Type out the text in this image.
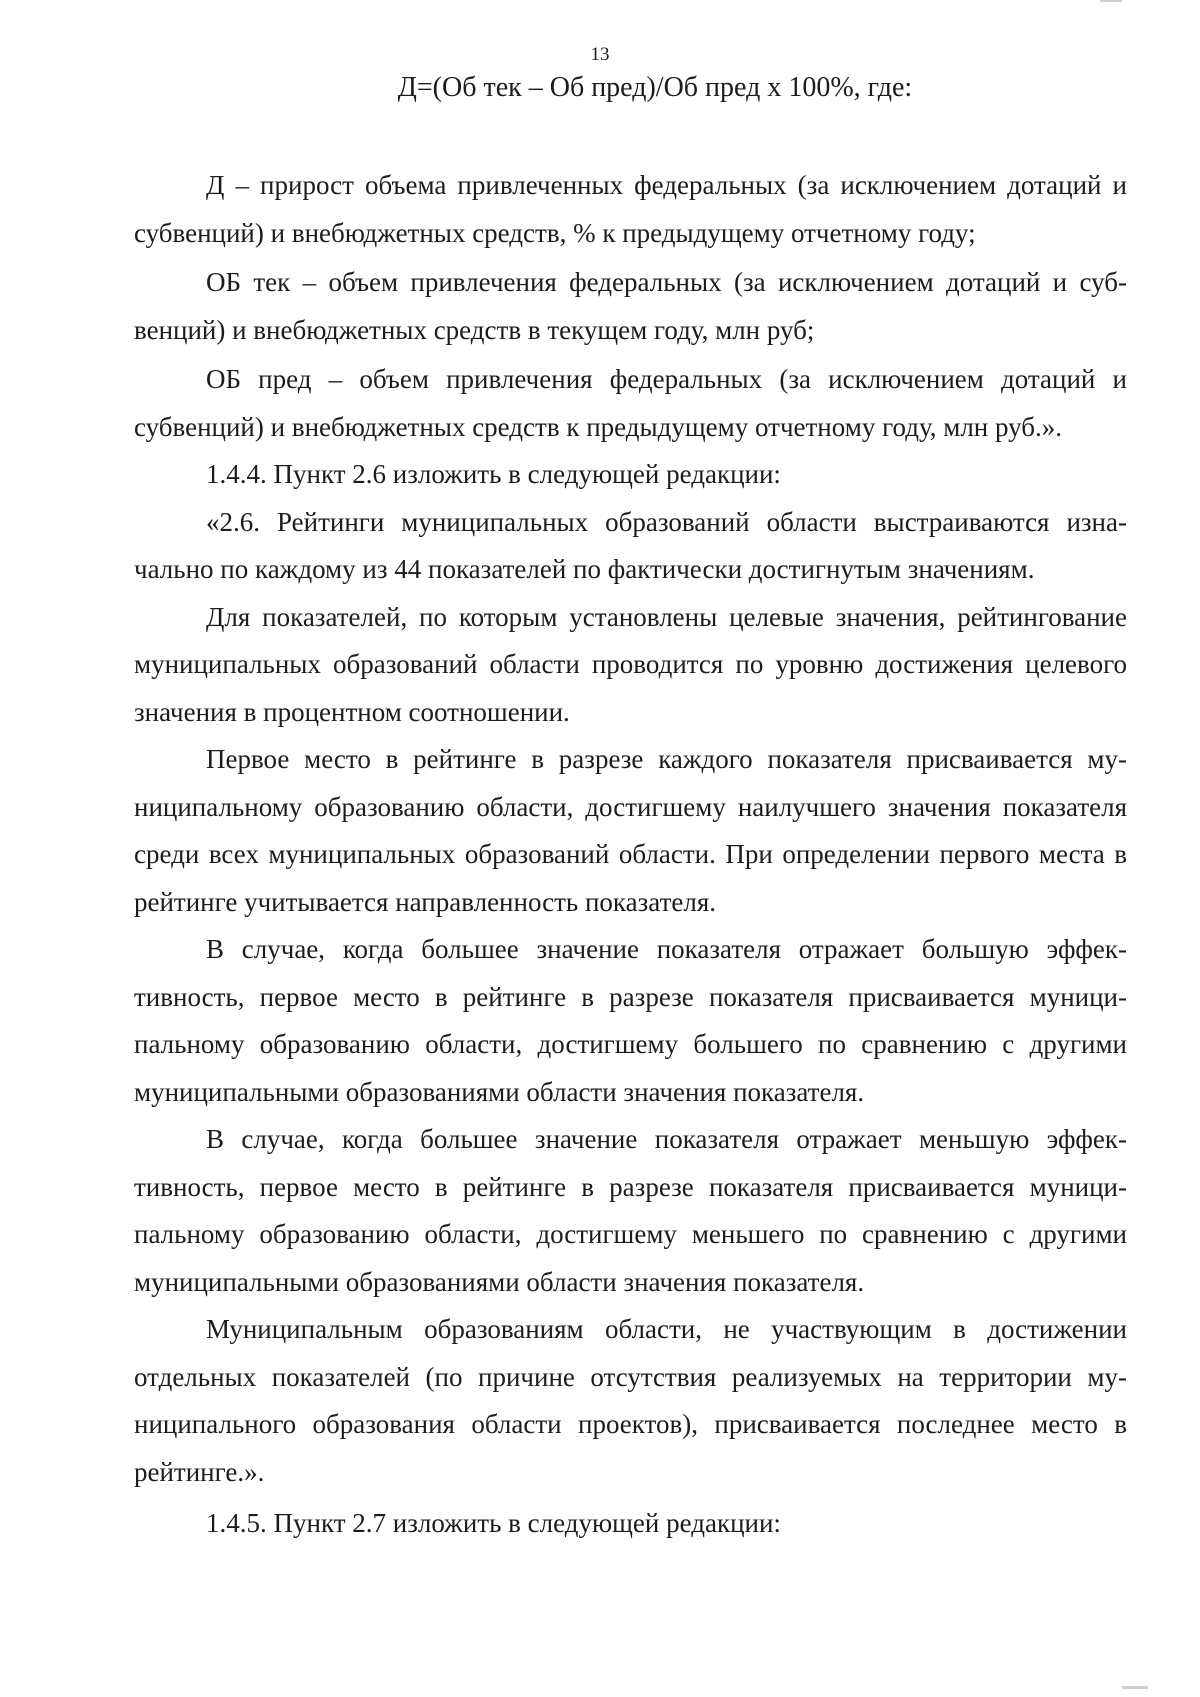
13
Д=(Об тек – Об пред)/Об пред х 100%, где:

Д – прирост объема привлеченных федеральных (за исключением дотаций и субвенций) и внебюджетных средств, % к предыдущему отчетному году;

ОБ тек – объем привлечения федеральных (за исключением дотаций и субвенций) и внебюджетных средств в текущем году, млн руб;

ОБ пред – объем привлечения федеральных (за исключением дотаций и субвенций) и внебюджетных средств к предыдущему отчетному году, млн руб.».

1.4.4. Пункт 2.6 изложить в следующей редакции:

«2.6. Рейтинги муниципальных образований области выстраиваются изначально по каждому из 44 показателей по фактически достигнутым значениям.

Для показателей, по которым установлены целевые значения, рейтингование муниципальных образований области проводится по уровню достижения целевого значения в процентном соотношении.

Первое место в рейтинге в разрезе каждого показателя присваивается муниципальному образованию области, достигшему наилучшего значения показателя среди всех муниципальных образований области. При определении первого места в рейтинге учитывается направленность показателя.

В случае, когда большее значение показателя отражает большую эффективность, первое место в рейтинге в разрезе показателя присваивается муниципальному образованию области, достигшему большего по сравнению с другими муниципальными образованиями области значения показателя.

В случае, когда большее значение показателя отражает меньшую эффективность, первое место в рейтинге в разрезе показателя присваивается муниципальному образованию области, достигшему меньшего по сравнению с другими муниципальными образованиями области значения показателя.

Муниципальным образованиям области, не участвующим в достижении отдельных показателей (по причине отсутствия реализуемых на территории муниципального образования области проектов), присваивается последнее место в рейтинге.».

1.4.5. Пункт 2.7 изложить в следующей редакции:
